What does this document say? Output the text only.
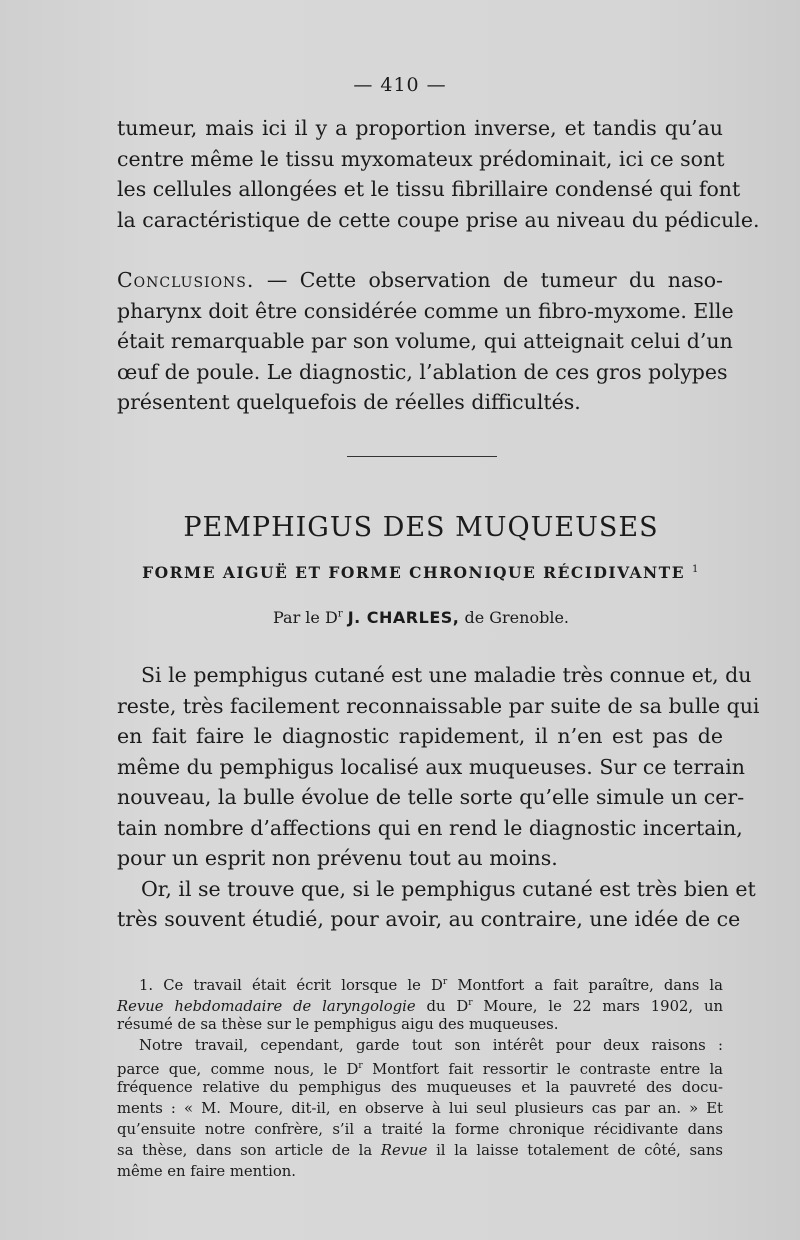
— 410 —
tumeur, mais ici il y a proportion inverse, et tandis qu’au
centre même le tissu myxomateux prédominait, ici ce sont
les cellules allongées et le tissu fibrillaire condensé qui font
la caractéristique de cette coupe prise au niveau du pédicule.
Conclusions. — Cette observation de tumeur du naso-
pharynx doit être considérée comme un fibro-myxome. Elle
était remarquable par son volume, qui atteignait celui d’un
œuf de poule. Le diagnostic, l’ablation de ces gros polypes
présentent quelquefois de réelles difficultés.
PEMPHIGUS DES MUQUEUSES
FORME AIGUË ET FORME CHRONIQUE RÉCIDIVANTE $^1$
Par le $D^r$ J. CHARLES, de Grenoble.
Si le pemphigus cutané est une maladie très connue et, du
reste, très facilement reconnaissable par suite de sa bulle qui
en fait faire le diagnostic rapidement, il n’en est pas de
même du pemphigus localisé aux muqueuses. Sur ce terrain
nouveau, la bulle évolue de telle sorte qu’elle simule un cer-
tain nombre d’affections qui en rend le diagnostic incertain,
pour un esprit non prévenu tout au moins.
Or, il se trouve que, si le pemphigus cutané est très bien et
très souvent étudié, pour avoir, au contraire, une idée de ce
1. Ce travail était écrit lorsque le $D^r$ Montfort a fait paraître, dans la
Revue hebdomadaire de laryngologie du $D^r$ Moure, le 22 mars 1902, un
résumé de sa thèse sur le pemphigus aigu des muqueuses.
Notre travail, cependant, garde tout son intérêt pour deux raisons :
parce que, comme nous, le $D^r$ Montfort fait ressortir le contraste entre la
fréquence relative du pemphigus des muqueuses et la pauvreté des docu-
ments : « M. Moure, dit-il, en observe à lui seul plusieurs cas par an. » Et
qu’ensuite notre confrère, s’il a traité la forme chronique récidivante dans
sa thèse, dans son article de la Revue il la laisse totalement de côté, sans
même en faire mention.
